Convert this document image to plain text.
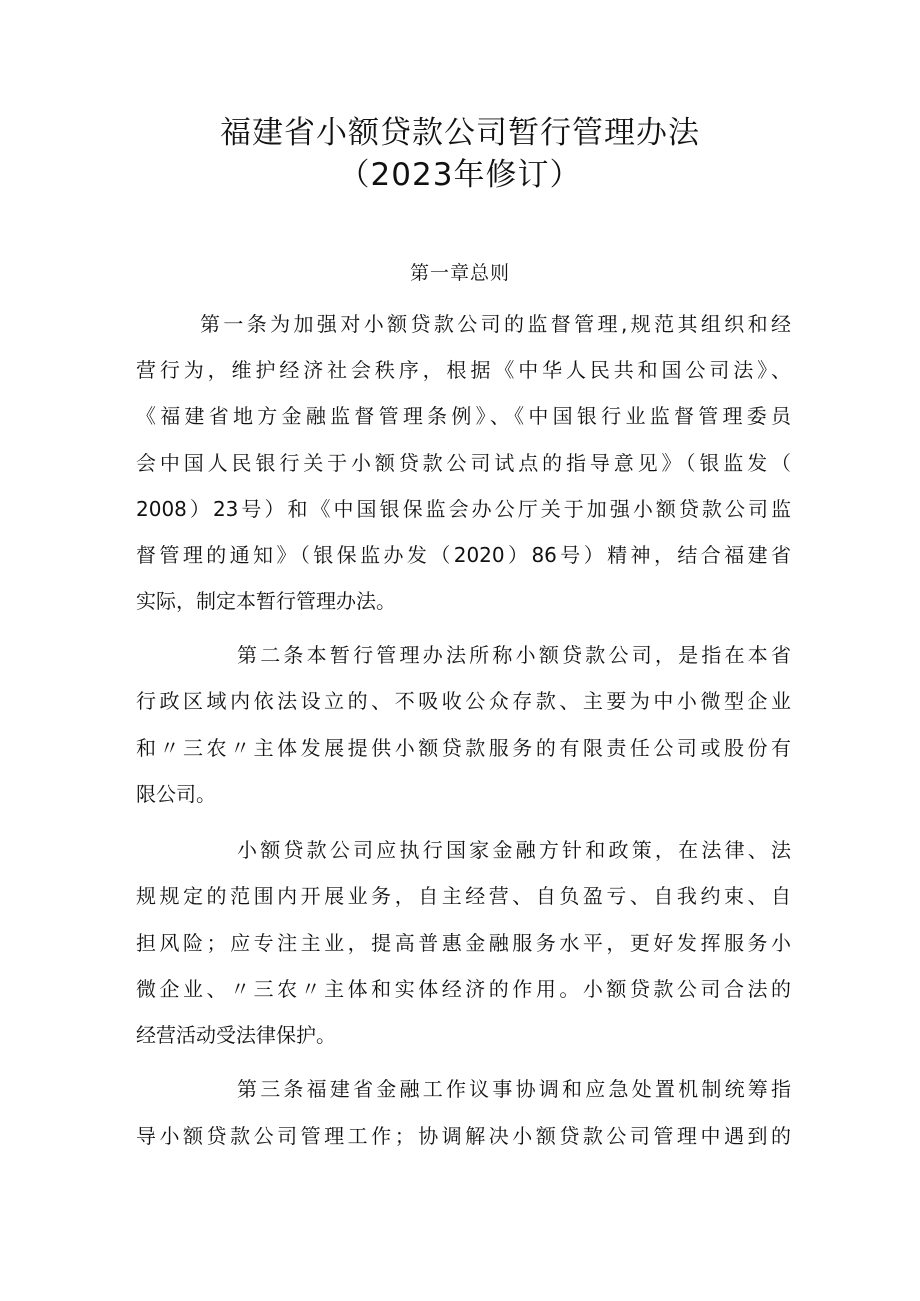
福建省小额贷款公司暂行管理办法
（2023年修订）
第一章总则
第一条为加强对小额贷款公司的监督管理,规范其组织和经
营行为，维护经济社会秩序，根据《中华人民共和国公司法》、
《福建省地方金融监督管理条例》、《中国银行业监督管理委员
会中国人民银行关于小额贷款公司试点的指导意见》（银监发（
2008）23号）和《中国银保监会办公厅关于加强小额贷款公司监
督管理的通知》（银保监办发（2020）86号）精神，结合福建省
实际，制定本暂行管理办法。
第二条本暂行管理办法所称小额贷款公司，是指在本省
行政区域内依法设立的、不吸收公众存款、主要为中小微型企业
和〃三农〃主体发展提供小额贷款服务的有限责任公司或股份有
限公司。
小额贷款公司应执行国家金融方针和政策，在法律、法
规规定的范围内开展业务，自主经营、自负盈亏、自我约束、自
担风险；应专注主业，提高普惠金融服务水平，更好发挥服务小
微企业、〃三农〃主体和实体经济的作用。小额贷款公司合法的
经营活动受法律保护。
第三条福建省金融工作议事协调和应急处置机制统筹指
导小额贷款公司管理工作；协调解决小额贷款公司管理中遇到的
